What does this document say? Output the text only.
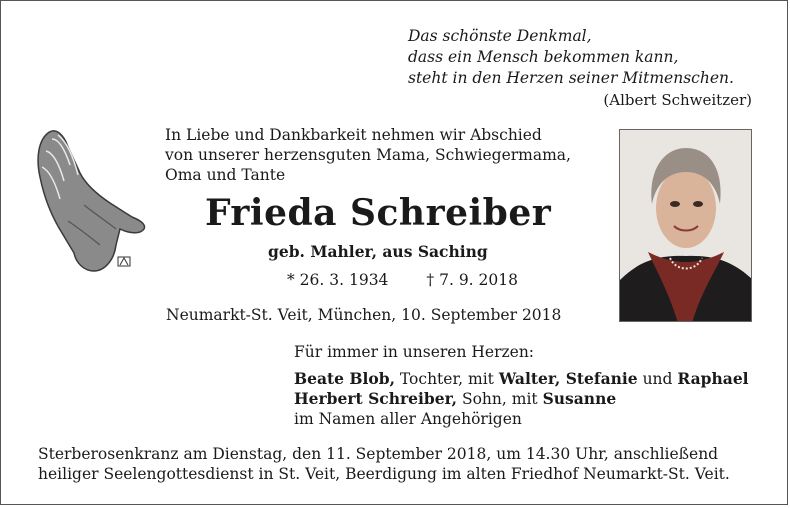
Das schönste Denkmal,
dass ein Mensch bekommen kann,
steht in den Herzen seiner Mitmenschen.
(Albert Schweitzer)
In Liebe und Dankbarkeit nehmen wir Abschied
von unserer herzensguten Mama, Schwiegermama,
Oma und Tante
Frieda Schreiber
geb. Mahler, aus Saching
* 26. 3. 1934 † 7. 9. 2018
Neumarkt-St. Veit, München, 10. September 2018
Für immer in unseren Herzen:
Beate Blob, Tochter, mit Walter, Stefanie und Raphael
Herbert Schreiber, Sohn, mit Susanne
im Namen aller Angehörigen
Sterberosenkranz am Dienstag, den 11. September 2018, um 14.30 Uhr, anschließend
heiliger Seelengottesdienst in St. Veit, Beerdigung im alten Friedhof Neumarkt-St. Veit.
